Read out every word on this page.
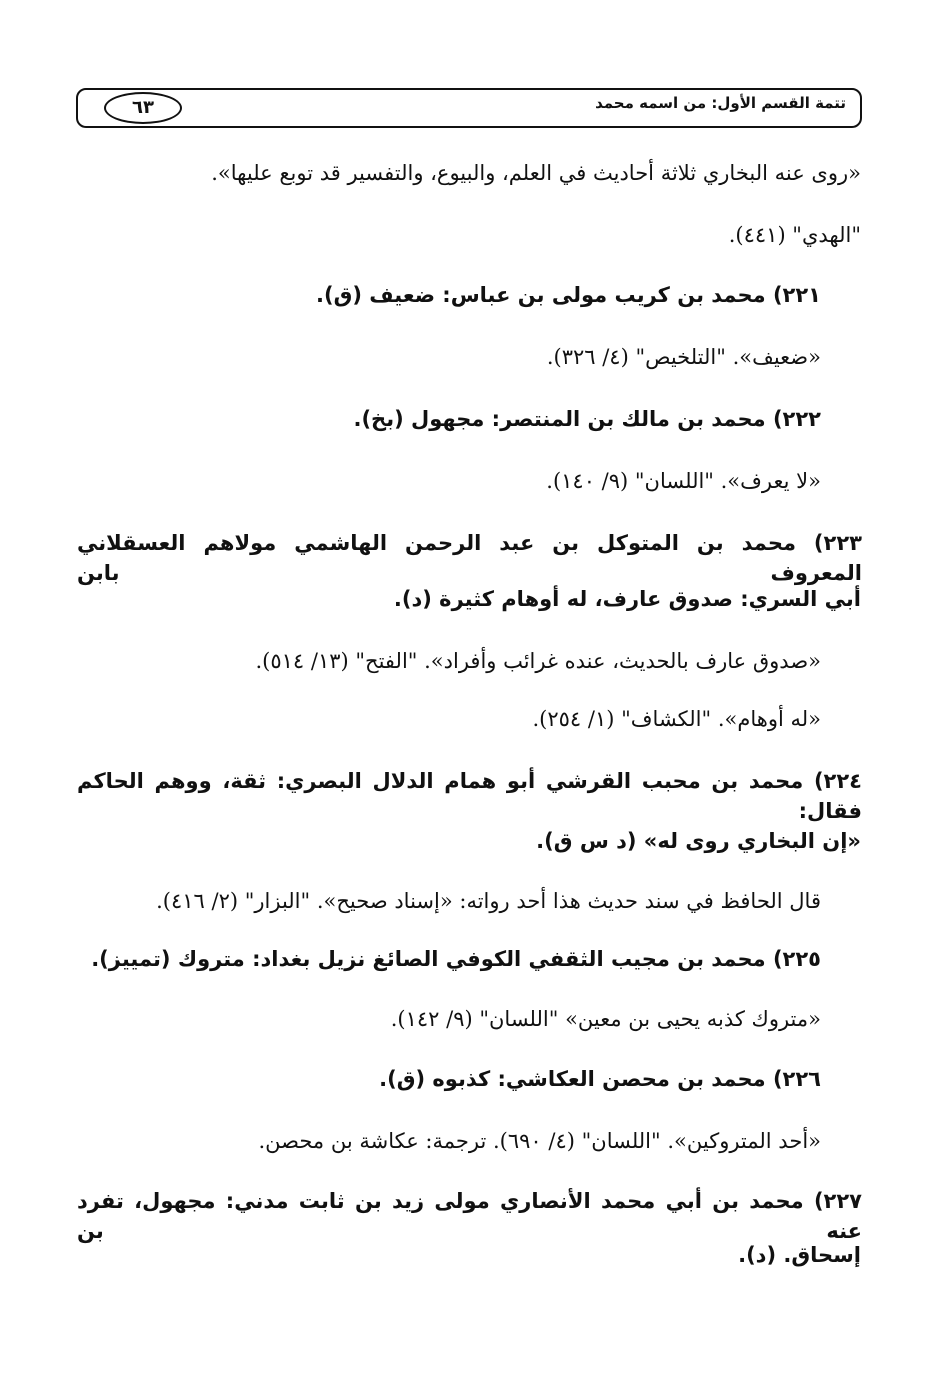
تتمة القسم الأول: من اسمه محمد
٦٣
«روى عنه البخاري ثلاثة أحاديث في العلم، والبيوع، والتفسير قد توبع عليها».
"الهدي" (٤٤١).
٢٢١) محمد بن كريب مولى بن عباس: ضعيف (ق).
«ضعيف». "التلخيص" (٤/ ٣٢٦).
٢٢٢) محمد بن مالك بن المنتصر: مجهول (بخ).
«لا يعرف». "اللسان" (٩/ ١٤٠).
٢٢٣) محمد بن المتوكل بن عبد الرحمن الهاشمي مولاهم العسقلاني المعروف بابن
أبي السري: صدوق عارف، له أوهام كثيرة (د).
«صدوق عارف بالحديث، عنده غرائب وأفراد». "الفتح" (١٣/ ٥١٤).
«له أوهام». "الكشاف" (١/ ٢٥٤).
٢٢٤) محمد بن محبب القرشي أبو همام الدلال البصري: ثقة، ووهم الحاكم فقال:
«إن البخاري روى له» (د س ق).
قال الحافظ في سند حديث هذا أحد رواته: «إسناد صحيح». "البزار" (٢/ ٤١٦).
٢٢٥) محمد بن مجيب الثقفي الكوفي الصائغ نزيل بغداد: متروك (تمييز).
«متروك كذبه يحيى بن معين» "اللسان" (٩/ ١٤٢).
٢٢٦) محمد بن محصن العكاشي: كذبوه (ق).
«أحد المتروكين». "اللسان" (٤/ ٦٩٠). ترجمة: عكاشة بن محصن.
٢٢٧) محمد بن أبي محمد الأنصاري مولى زيد بن ثابت مدني: مجهول، تفرد عنه بن
إسحاق. (د).
